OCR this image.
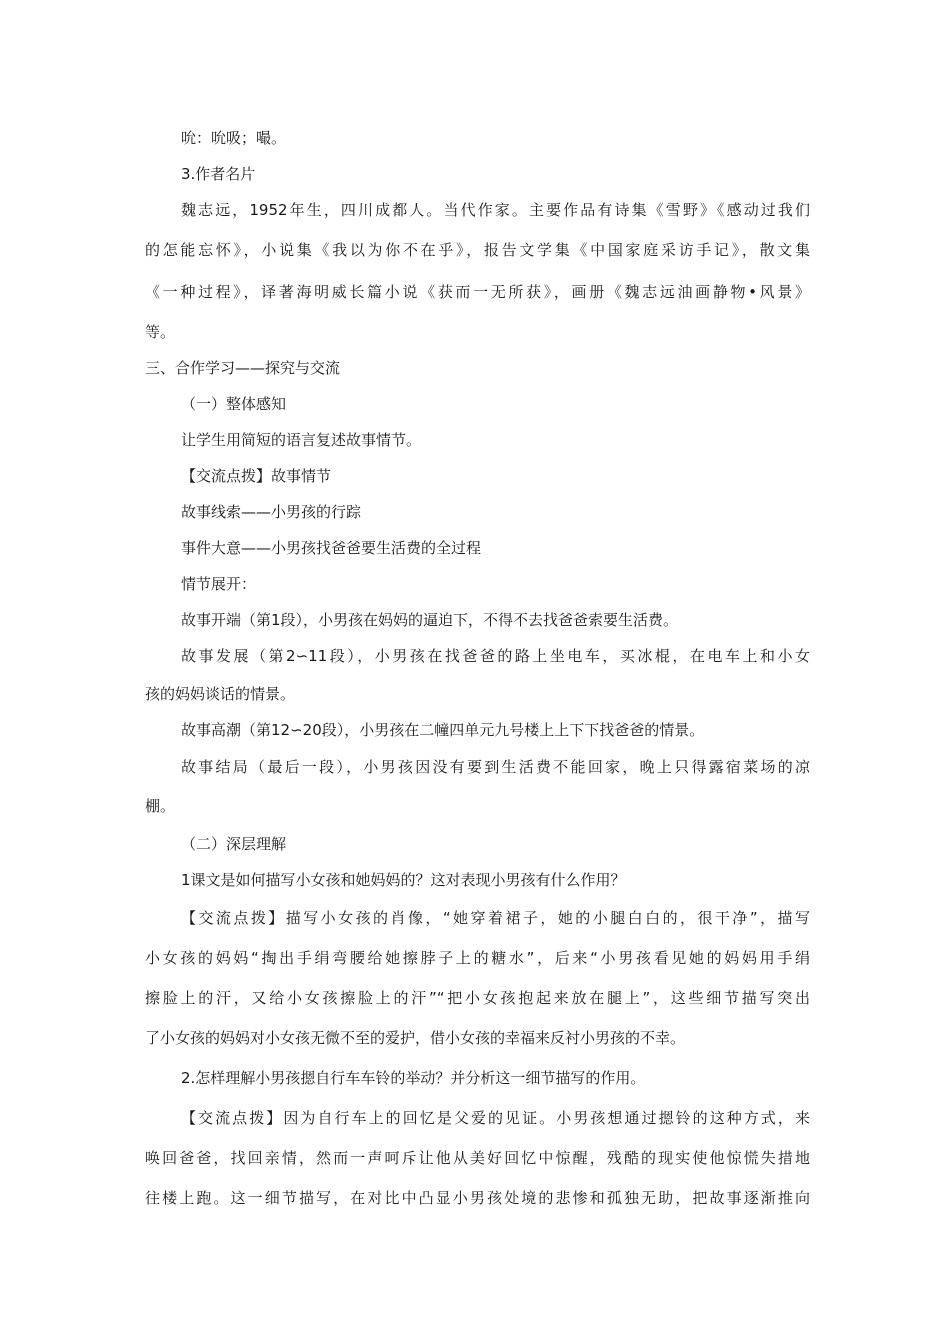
吮：吮吸；嘬。
3.作者名片
魏志远，1952年生，四川成都人。当代作家。主要作品有诗集《雪野》《感动过我们
的怎能忘怀》，小说集《我以为你不在乎》，报告文学集《中国家庭采访手记》，散文集
《一种过程》，译著海明威长篇小说《获而一无所获》，画册《魏志远油画静物•风景》
等。
三、合作学习——探究与交流
（一）整体感知
让学生用简短的语言复述故事情节。
【交流点拨】故事情节
故事线索——小男孩的行踪
事件大意——小男孩找爸爸要生活费的全过程
情节展开：
故事开端（第1段），小男孩在妈妈的逼迫下，不得不去找爸爸索要生活费。
故事发展（第2∽11段），小男孩在找爸爸的路上坐电车，买冰棍，在电车上和小女
孩的妈妈谈话的情景。
故事高潮（第12∽20段），小男孩在二幢四单元九号楼上上下下找爸爸的情景。
故事结局（最后一段），小男孩因没有要到生活费不能回家，晚上只得露宿菜场的凉
棚。
（二）深层理解
1课文是如何描写小女孩和她妈妈的？这对表现小男孩有什么作用？
【交流点拨】描写小女孩的肖像，“她穿着裙子，她的小腿白白的，很干净”，描写
小女孩的妈妈“掏出手绢弯腰给她擦脖子上的糖水”，后来“小男孩看见她的妈妈用手绢
擦脸上的汗，又给小女孩擦脸上的汗”“把小女孩抱起来放在腿上”，这些细节描写突出
了小女孩的妈妈对小女孩无微不至的爱护，借小女孩的幸福来反衬小男孩的不幸。
2.怎样理解小男孩摁自行车车铃的举动？并分析这一细节描写的作用。
【交流点拨】因为自行车上的回忆是父爱的见证。小男孩想通过摁铃的这种方式，来
唤回爸爸，找回亲情，然而一声呵斥让他从美好回忆中惊醒，残酷的现实使他惊慌失措地
往楼上跑。这一细节描写，在对比中凸显小男孩处境的悲惨和孤独无助，把故事逐渐推向
